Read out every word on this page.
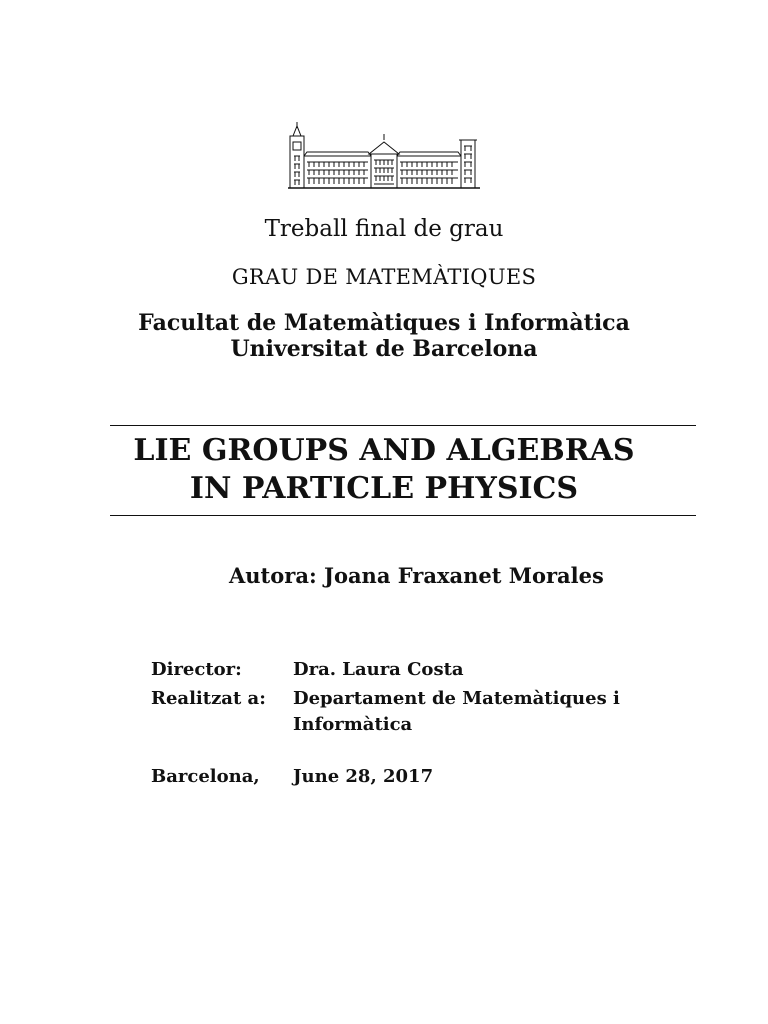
Treball final de grau
GRAU DE MATEMÀTIQUES
Facultat de Matemàtiques i Informàtica
Universitat de Barcelona
LIE GROUPS AND ALGEBRAS
IN PARTICLE PHYSICS
Autora: Joana Fraxanet Morales
Director:	Dra. Laura Costa
Realitzat a: Departament de Matemàtiques i
Informàtica
Barcelona, June 28, 2017
